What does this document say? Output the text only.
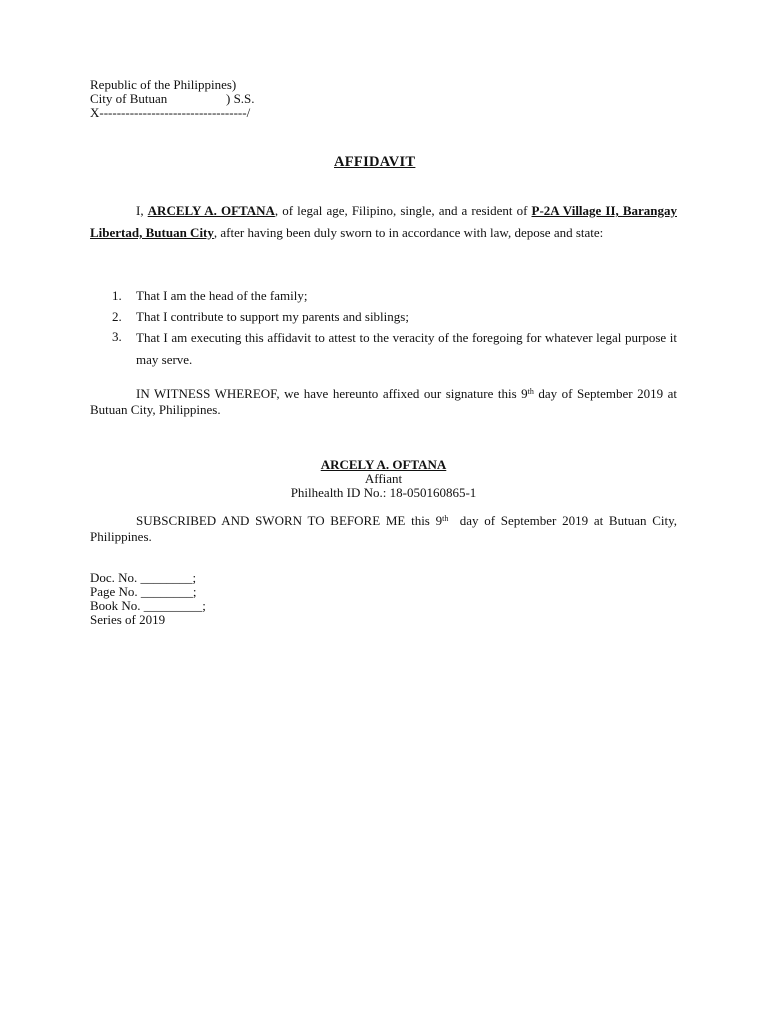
Republic of the Philippines)
City of Butuan	) S.S.
X----------------------------------/
AFFIDAVIT
I, ARCELY A. OFTANA, of legal age, Filipino, single, and a resident of P-2A Village II, Barangay Libertad, Butuan City, after having been duly sworn to in accordance with law, depose and state:
1.	That I am the head of the family;
2.	That I contribute to support my parents and siblings;
3.	That I am executing this affidavit to attest to the veracity of the foregoing for whatever legal purpose it may serve.
IN WITNESS WHEREOF, we have hereunto affixed our signature this 9th day of September 2019 at Butuan City, Philippines.
ARCELY A. OFTANA
Affiant
Philhealth ID No.: 18-050160865-1
SUBSCRIBED AND SWORN TO BEFORE ME this 9th  day of September 2019 at Butuan City, Philippines.
Doc. No. ________;
Page No. ________;
Book No. _________;
Series of 2019
